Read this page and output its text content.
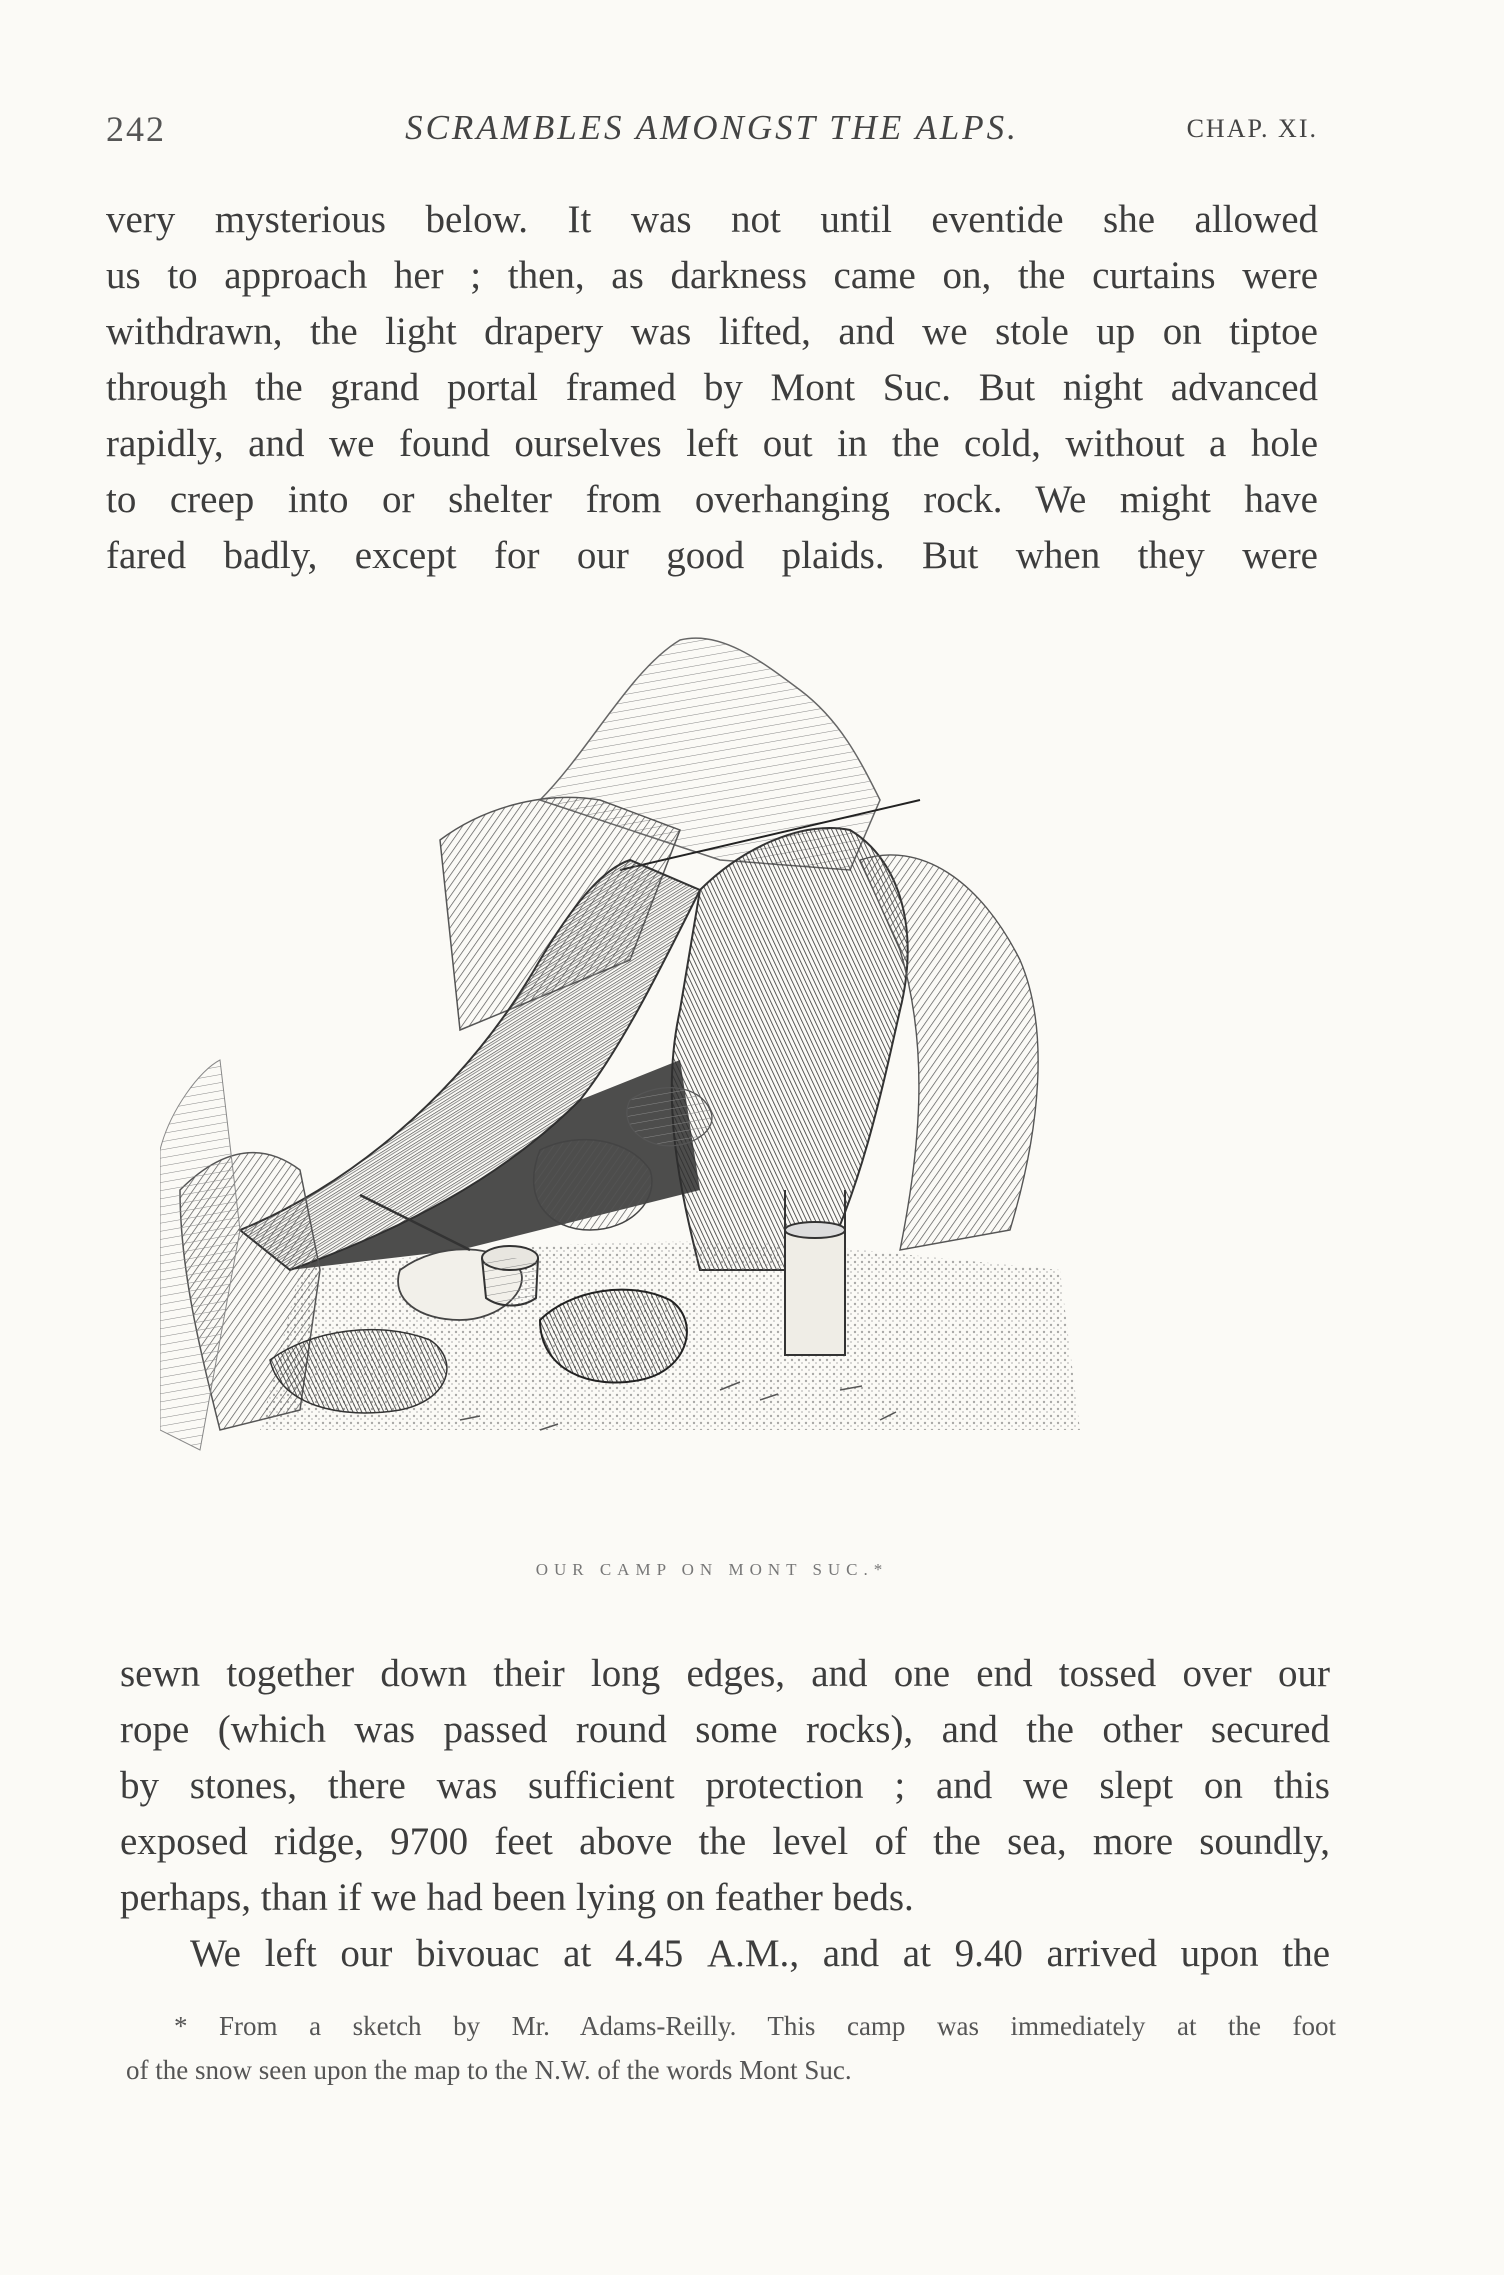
242	SCRAMBLES AMONGST THE ALPS.	CHAP. XI.
very mysterious below. It was not until eventide she allowed
us to approach her ; then, as darkness came on, the curtains were
withdrawn, the light drapery was lifted, and we stole up on tiptoe
through the grand portal framed by Mont Suc. But night advanced
rapidly, and we found ourselves left out in the cold, without a hole
to creep into or shelter from overhanging rock. We might have
fared badly, except for our good plaids. But when they were
OUR CAMP ON MONT SUC.*
sewn together down their long edges, and one end tossed over our
rope (which was passed round some rocks), and the other secured
by stones, there was sufficient protection ; and we slept on this
exposed ridge, 9700 feet above the level of the sea, more soundly,
perhaps, than if we had been lying on feather beds.
We left our bivouac at 4.45 A.M., and at 9.40 arrived upon the
* From a sketch by Mr. Adams-Reilly. This camp was immediately at the foot
of the snow seen upon the map to the N.W. of the words Mont Suc.
